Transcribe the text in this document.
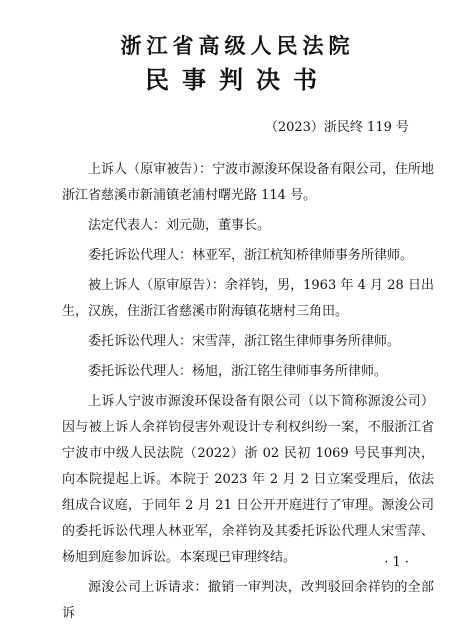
浙江省高级人民法院
民事判决书
（2023）浙民终 119 号

上诉人（原审被告）：宁波市源浚环保设备有限公司，住所地浙江省慈溪市新浦镇老浦村曙光路 114 号。

法定代表人：刘元勋，董事长。

委托诉讼代理人：林亚军，浙江杭知桥律师事务所律师。

被上诉人（原审原告）：余祥钧，男，1963 年 4 月 28 日出生，汉族，住浙江省慈溪市附海镇花塘村三角田。

委托诉讼代理人：宋雪萍，浙江铭生律师事务所律师。

委托诉讼代理人：杨旭，浙江铭生律师事务所律师。

上诉人宁波市源浚环保设备有限公司（以下简称源浚公司）因与被上诉人余祥钧侵害外观设计专利权纠纷一案，不服浙江省宁波市中级人民法院（2022）浙 02 民初 1069 号民事判决，向本院提起上诉。本院于 2023 年 2 月 2 日立案受理后，依法组成合议庭，于同年 2 月 21 日公开开庭进行了审理。源浚公司的委托诉讼代理人林亚军，余祥钧及其委托诉讼代理人宋雪萍、杨旭到庭参加诉讼。本案现已审理终结。

源浚公司上诉请求：撤销一审判决，改判驳回余祥钧的全部诉

· 1 ·
